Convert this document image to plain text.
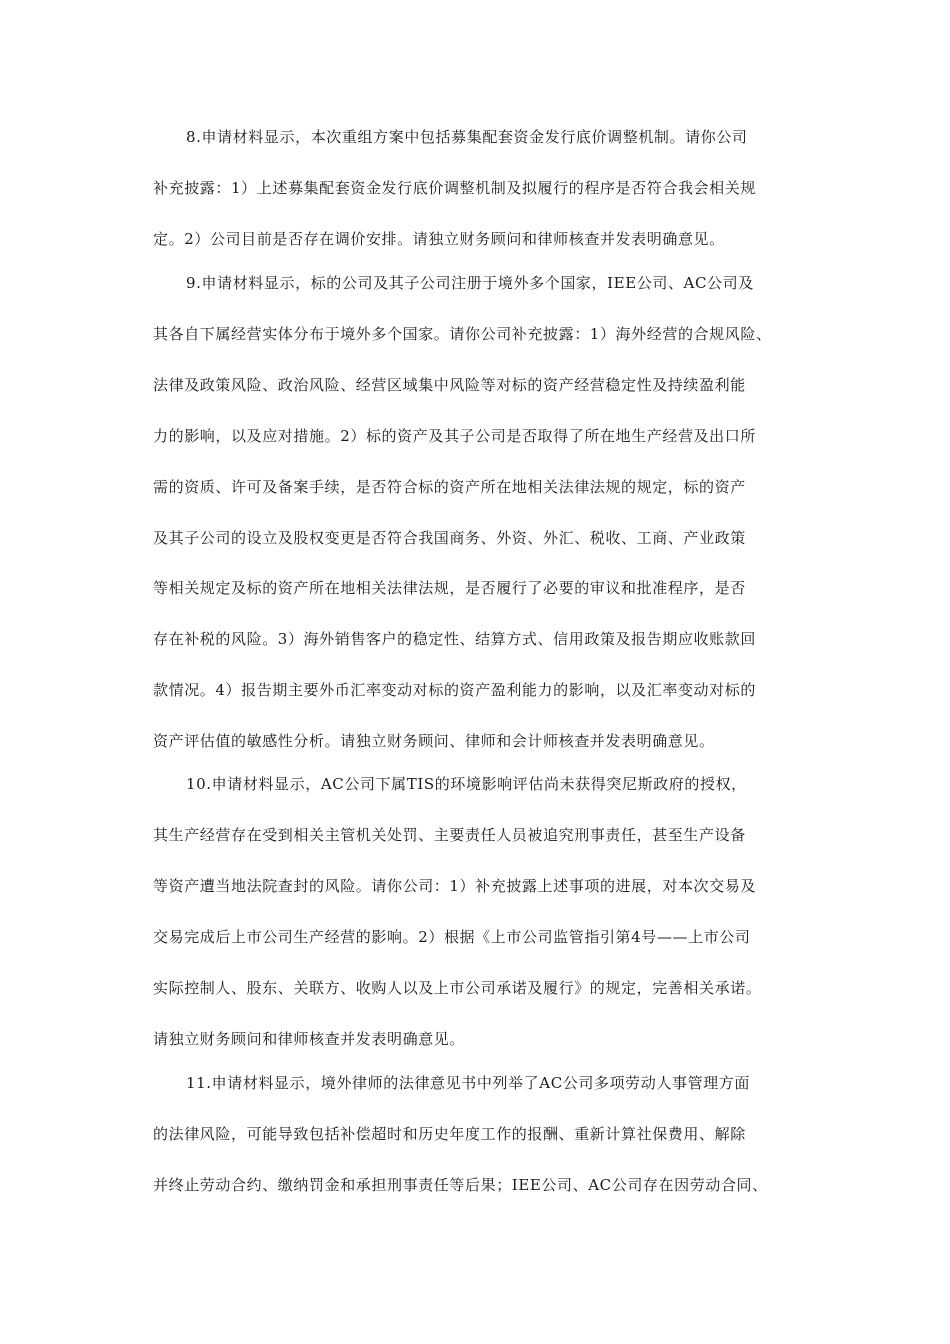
8.申请材料显示，本次重组方案中包括募集配套资金发行底价调整机制。请你公司
补充披露：1）上述募集配套资金发行底价调整机制及拟履行的程序是否符合我会相关规
定。2）公司目前是否存在调价安排。请独立财务顾问和律师核查并发表明确意见。
9.申请材料显示，标的公司及其子公司注册于境外多个国家，IEE公司、AC公司及
其各自下属经营实体分布于境外多个国家。请你公司补充披露：1）海外经营的合规风险、
法律及政策风险、政治风险、经营区域集中风险等对标的资产经营稳定性及持续盈利能
力的影响，以及应对措施。2）标的资产及其子公司是否取得了所在地生产经营及出口所
需的资质、许可及备案手续，是否符合标的资产所在地相关法律法规的规定，标的资产
及其子公司的设立及股权变更是否符合我国商务、外资、外汇、税收、工商、产业政策
等相关规定及标的资产所在地相关法律法规，是否履行了必要的审议和批准程序，是否
存在补税的风险。3）海外销售客户的稳定性、结算方式、信用政策及报告期应收账款回
款情况。4）报告期主要外币汇率变动对标的资产盈利能力的影响，以及汇率变动对标的
资产评估值的敏感性分析。请独立财务顾问、律师和会计师核查并发表明确意见。
10.申请材料显示，AC公司下属TIS的环境影响评估尚未获得突尼斯政府的授权，
其生产经营存在受到相关主管机关处罚、主要责任人员被追究刑事责任，甚至生产设备
等资产遭当地法院查封的风险。请你公司：1）补充披露上述事项的进展，对本次交易及
交易完成后上市公司生产经营的影响。2）根据《上市公司监管指引第4号——上市公司
实际控制人、股东、关联方、收购人以及上市公司承诺及履行》的规定，完善相关承诺。
请独立财务顾问和律师核查并发表明确意见。
11.申请材料显示，境外律师的法律意见书中列举了AC公司多项劳动人事管理方面
的法律风险，可能导致包括补偿超时和历史年度工作的报酬、重新计算社保费用、解除
并终止劳动合约、缴纳罚金和承担刑事责任等后果；IEE公司、AC公司存在因劳动合同、
